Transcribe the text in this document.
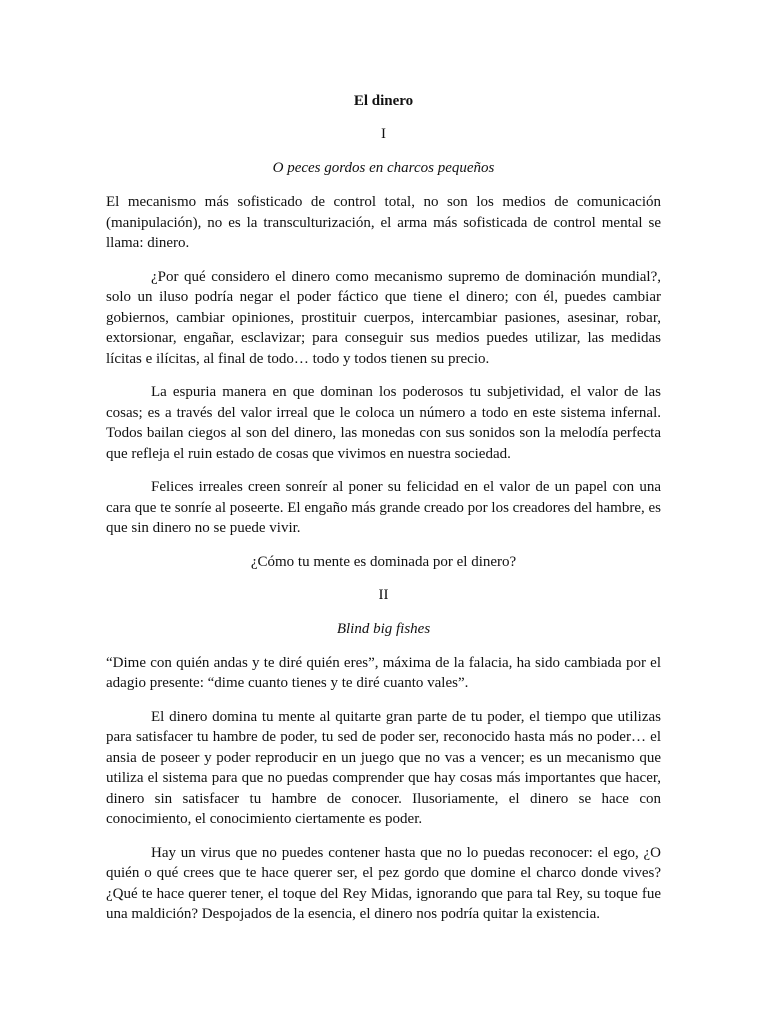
El dinero
I
O peces gordos en charcos pequeños

El mecanismo más sofisticado de control total, no son los medios de comunicación (manipulación), no es la transculturización, el arma más sofisticada de control mental se llama: dinero.

¿Por qué considero el dinero como mecanismo supremo de dominación mundial?, solo un iluso podría negar el poder fáctico que tiene el dinero; con él, puedes cambiar gobiernos, cambiar opiniones, prostituir cuerpos, intercambiar pasiones, asesinar, robar, extorsionar, engañar, esclavizar; para conseguir sus medios puedes utilizar, las medidas lícitas e ilícitas, al final de todo… todo y todos tienen su precio.

La espuria manera en que dominan los poderosos tu subjetividad, el valor de las cosas; es a través del valor irreal que le coloca un número a todo en este sistema infernal. Todos bailan ciegos al son del dinero, las monedas con sus sonidos son la melodía perfecta que refleja el ruin estado de cosas que vivimos en nuestra sociedad.

Felices irreales creen sonreír al poner su felicidad en el valor de un papel con una cara que te sonríe al poseerte. El engaño más grande creado por los creadores del hambre, es que sin dinero no se puede vivir.

¿Cómo tu mente es dominada por el dinero?
II
Blind big fishes

“Dime con quién andas y te diré quién eres”, máxima de la falacia, ha sido cambiada por el adagio presente: “dime cuanto tienes y te diré cuanto vales”.

El dinero domina tu mente al quitarte gran parte de tu poder, el tiempo que utilizas para satisfacer tu hambre de poder, tu sed de poder ser, reconocido hasta más no poder… el ansia de poseer y poder reproducir en un juego que no vas a vencer; es un mecanismo que utiliza el sistema para que no puedas comprender que hay cosas más importantes que hacer, dinero sin satisfacer tu hambre de conocer. Ilusoriamente, el dinero se hace con conocimiento, el conocimiento ciertamente es poder.

Hay un virus que no puedes contener hasta que no lo puedas reconocer: el ego, ¿O quién o qué crees que te hace querer ser, el pez gordo que domine el charco donde vives? ¿Qué te hace querer tener, el toque del Rey Midas, ignorando que para tal Rey, su toque fue una maldición? Despojados de la esencia, el dinero nos podría quitar la existencia.
